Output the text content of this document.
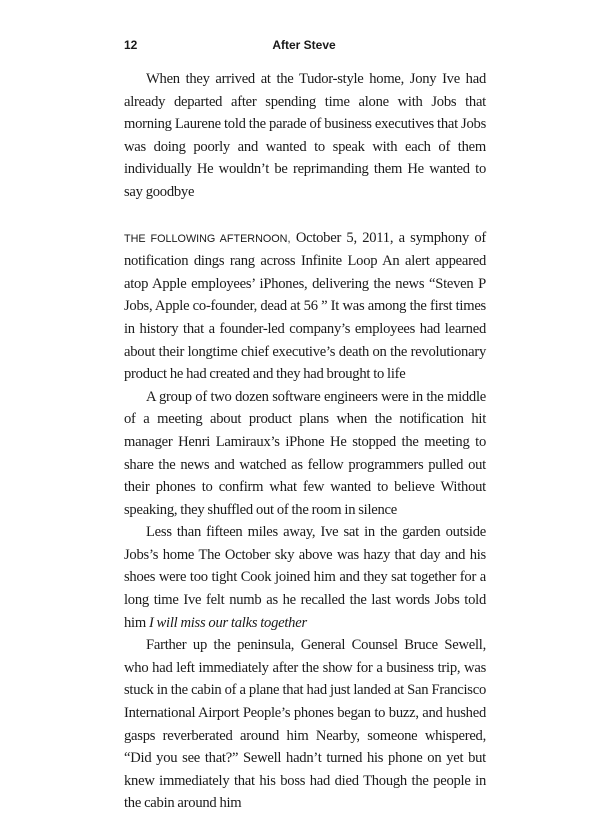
12	After Steve

When they arrived at the Tudor-style home, Jony Ive had already departed after spending time alone with Jobs that morning Laurene told the parade of business executives that Jobs was doing poorly and wanted to speak with each of them individually He wouldn’t be reprimanding them He wanted to say goodbye

THE FOLLOWING AFTERNOON, October 5, 2011, a symphony of notification dings rang across Infinite Loop An alert appeared atop Apple employees’ iPhones, delivering the news “Steven P Jobs, Apple co-founder, dead at 56 ” It was among the first times in history that a founder-led company’s employees had learned about their longtime chief executive’s death on the revolutionary product he had created and they had brought to life

A group of two dozen software engineers were in the middle of a meeting about product plans when the notification hit manager Henri Lamiraux’s iPhone He stopped the meeting to share the news and watched as fellow programmers pulled out their phones to confirm what few wanted to believe Without speaking, they shuffled out of the room in silence

Less than fifteen miles away, Ive sat in the garden outside Jobs’s home The October sky above was hazy that day and his shoes were too tight Cook joined him and they sat together for a long time Ive felt numb as he recalled the last words Jobs told him I will miss our talks together

Farther up the peninsula, General Counsel Bruce Sewell, who had left immediately after the show for a business trip, was stuck in the cabin of a plane that had just landed at San Francisco International Airport People’s phones began to buzz, and hushed gasps reverberated around him Nearby, someone whispered, “Did you see that?” Sewell hadn’t turned his phone on yet but knew immediately that his boss had died Though the people in the cabin around him
